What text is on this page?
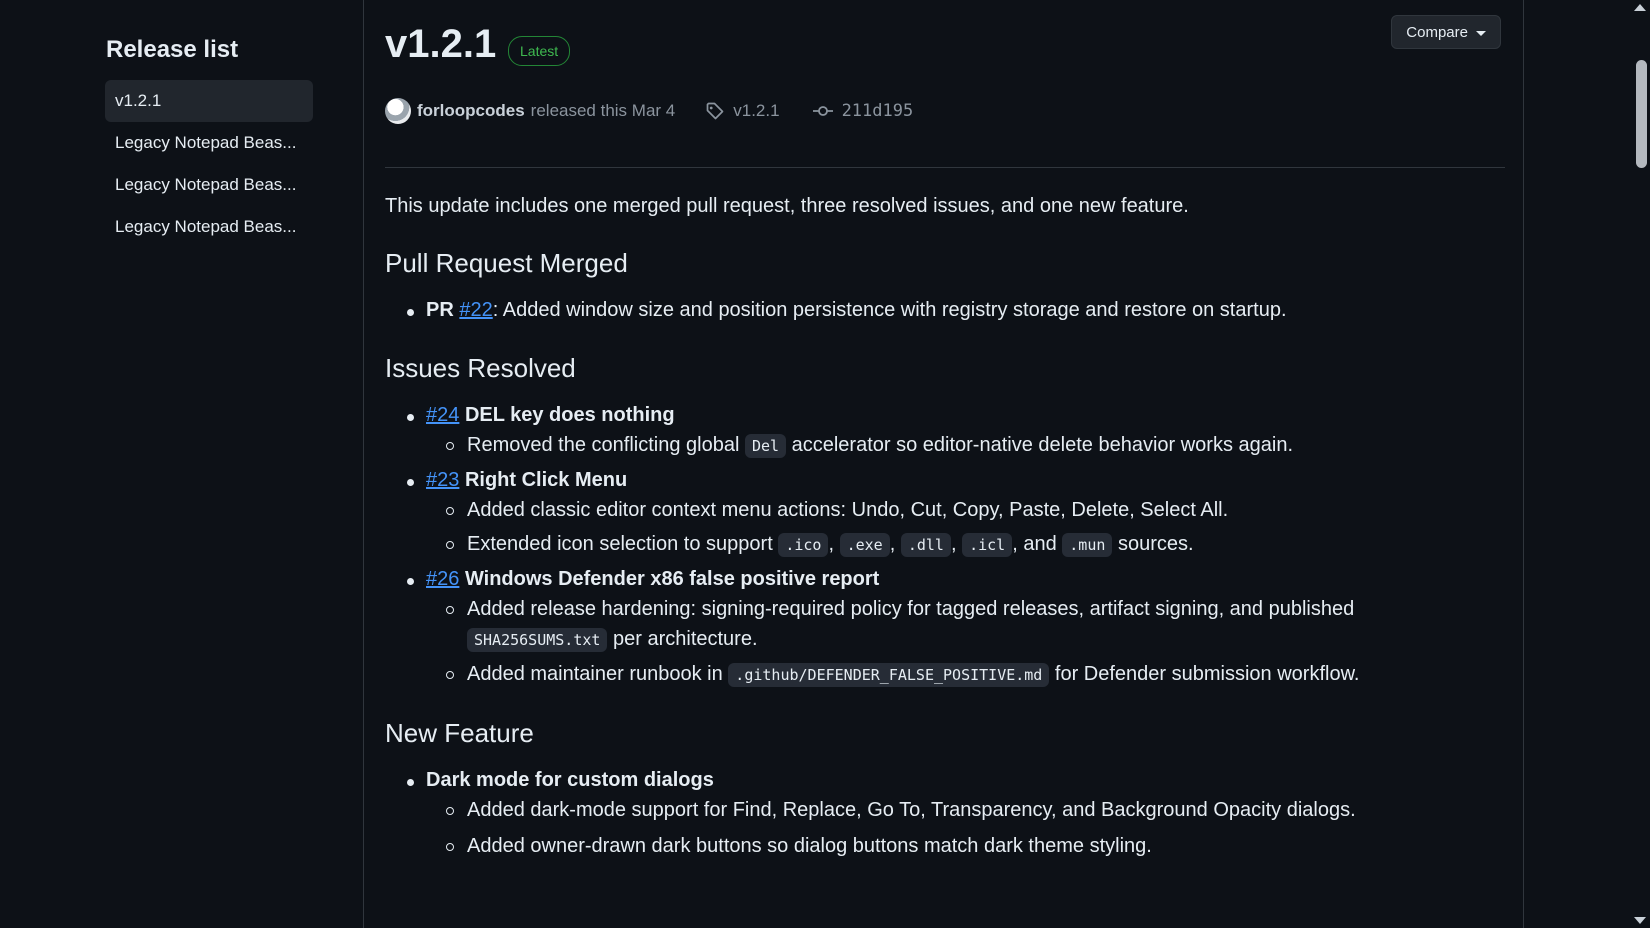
Release list
v1.2.1
Legacy Notepad Beas...
Legacy Notepad Beas...
Legacy Notepad Beas...
v1.2.1	Latest
Compare
forloopcodes released this Mar 4	v1.2.1	211d195

This update includes one merged pull request, three resolved issues, and one new feature.

Pull Request Merged
PR #22: Added window size and position persistence with registry storage and restore on startup.
Issues Resolved
#24 DEL key does nothing
Removed the conflicting global Del accelerator so editor-native delete behavior works again.
#23 Right Click Menu
Added classic editor context menu actions: Undo, Cut, Copy, Paste, Delete, Select All.
Extended icon selection to support .ico , .exe , .dll , .icl , and .mun sources.
#26 Windows Defender x86 false positive report
Added release hardening: signing-required policy for tagged releases, artifact signing, and published
SHA256SUMS.txt per architecture.
Added maintainer runbook in .github/DEFENDER_FALSE_POSITIVE.md for Defender submission workflow.
New Feature
Dark mode for custom dialogs
Added dark-mode support for Find, Replace, Go To, Transparency, and Background Opacity dialogs.
Added owner-drawn dark buttons so dialog buttons match dark theme styling.
